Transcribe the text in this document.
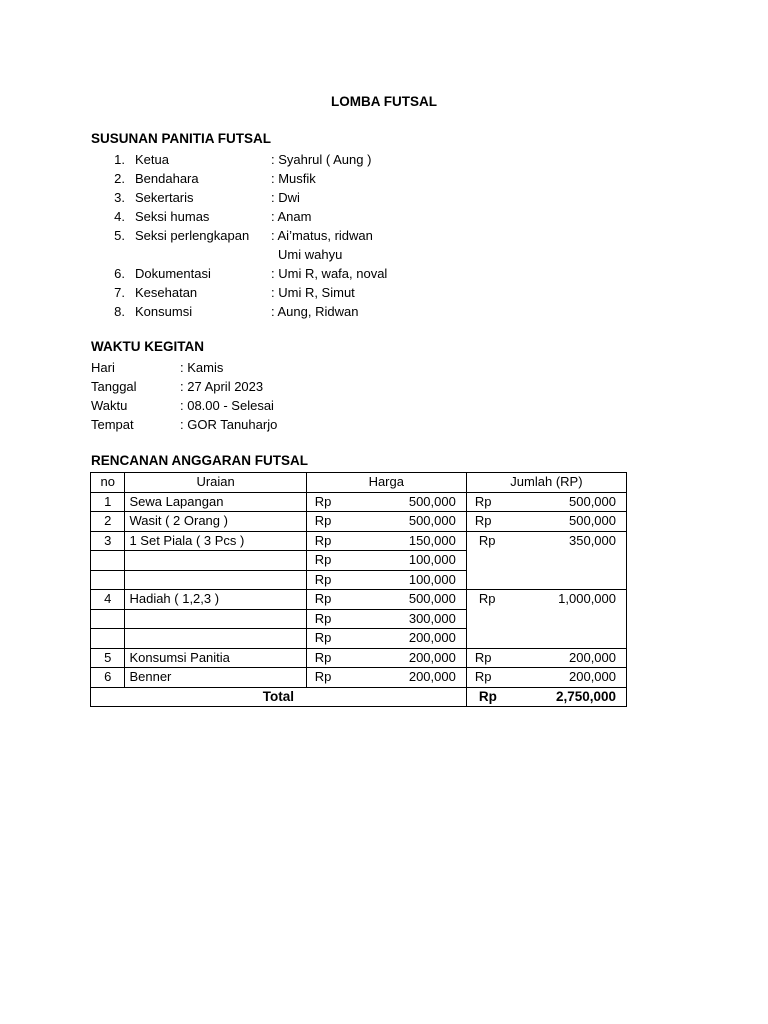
LOMBA FUTSAL
SUSUNAN PANITIA FUTSAL
1. Ketua	: Syahrul ( Aung )
2. Bendahara	: Musfik
3. Sekertaris	: Dwi
4. Seksi humas	: Anam
5. Seksi perlengkapan : Ai’matus, ridwan
Umi wahyu
6. Dokumentasi	: Umi R, wafa, noval
7. Kesehatan	: Umi R, Simut
8. Konsumsi	: Aung, Ridwan
WAKTU KEGITAN
Hari	: Kamis
Tanggal	: 27 April 2023
Waktu	: 08.00 - Selesai
Tempat	: GOR Tanuharjo
RENCANAN ANGGARAN FUTSAL
no	Uraian	Harga		Jumlah (RP)	
1	Sewa Lapangan	Rp	500,000	Rp	500,000
2	Wasit ( 2 Orang )	Rp	500,000	Rp	500,000
3	1 Set Piala ( 3 Pcs )	Rp	150,000	Rp	350,000
		Rp	100,000		
		Rp	100,000		
4	Hadiah ( 1,2,3 )	Rp	500,000	Rp	1,000,000
		Rp	300,000		
		Rp	200,000		
5	Konsumsi Panitia	Rp	200,000	Rp	200,000
6	Benner	Rp	200,000	Rp	200,000
Total				Rp	2,750,000
